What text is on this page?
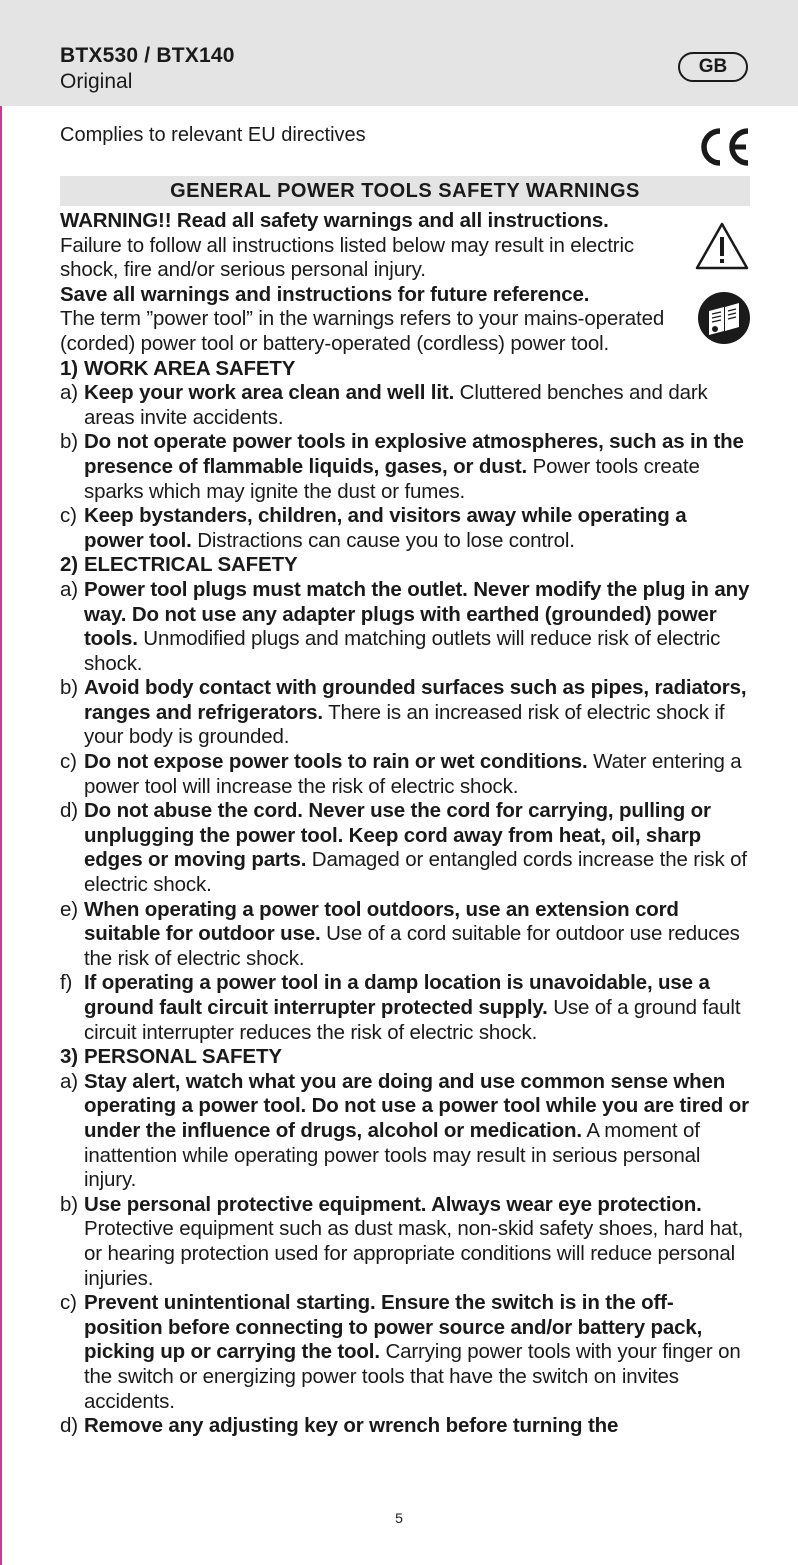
BTX530 / BTX140
Original
GB
Complies to relevant EU directives
GENERAL POWER TOOLS SAFETY WARNINGS

WARNING!! Read all safety warnings and all instructions.
Failure to follow all instructions listed below may result in electric shock, fire and/or serious personal injury.

Save all warnings and instructions for future reference.
The term ”power tool” in the warnings refers to your mains-operated (corded) power tool or battery-operated (cordless) power tool.

1) WORK AREA SAFETY
a) Keep your work area clean and well lit. Cluttered benches and dark areas invite accidents.
b) Do not operate power tools in explosive atmospheres, such as in the presence of flammable liquids, gases, or dust. Power tools create sparks which may ignite the dust or fumes.
c) Keep bystanders, children, and visitors away while operating a power tool. Distractions can cause you to lose control.
2) ELECTRICAL SAFETY
a) Power tool plugs must match the outlet. Never modify the plug in any way. Do not use any adapter plugs with earthed (grounded) power tools. Unmodified plugs and matching outlets will reduce risk of electric shock.
b) Avoid body contact with grounded surfaces such as pipes, radiators, ranges and refrigerators. There is an increased risk of electric shock if your body is grounded.
c) Do not expose power tools to rain or wet conditions. Water entering a power tool will increase the risk of electric shock.
d) Do not abuse the cord. Never use the cord for carrying, pulling or unplugging the power tool. Keep cord away from heat, oil, sharp edges or moving parts. Damaged or entangled cords increase the risk of electric shock.
e) When operating a power tool outdoors, use an extension cord suitable for outdoor use. Use of a cord suitable for outdoor use reduces the risk of electric shock.
f) If operating a power tool in a damp location is unavoidable, use a ground fault circuit interrupter protected supply. Use of a ground fault circuit interrupter reduces the risk of electric shock.
3) PERSONAL SAFETY
a) Stay alert, watch what you are doing and use common sense when operating a power tool. Do not use a power tool while you are tired or under the influence of drugs, alcohol or medication. A moment of inattention while operating power tools may result in serious personal injury.
b) Use personal protective equipment. Always wear eye protection. Protective equipment such as dust mask, non-skid safety shoes, hard hat, or hearing protection used for appropriate conditions will reduce personal injuries.
c) Prevent unintentional starting. Ensure the switch is in the off-position before connecting to power source and/or battery pack, picking up or carrying the tool. Carrying power tools with your finger on the switch or energizing power tools that have the switch on invites accidents.
d) Remove any adjusting key or wrench before turning the
5
